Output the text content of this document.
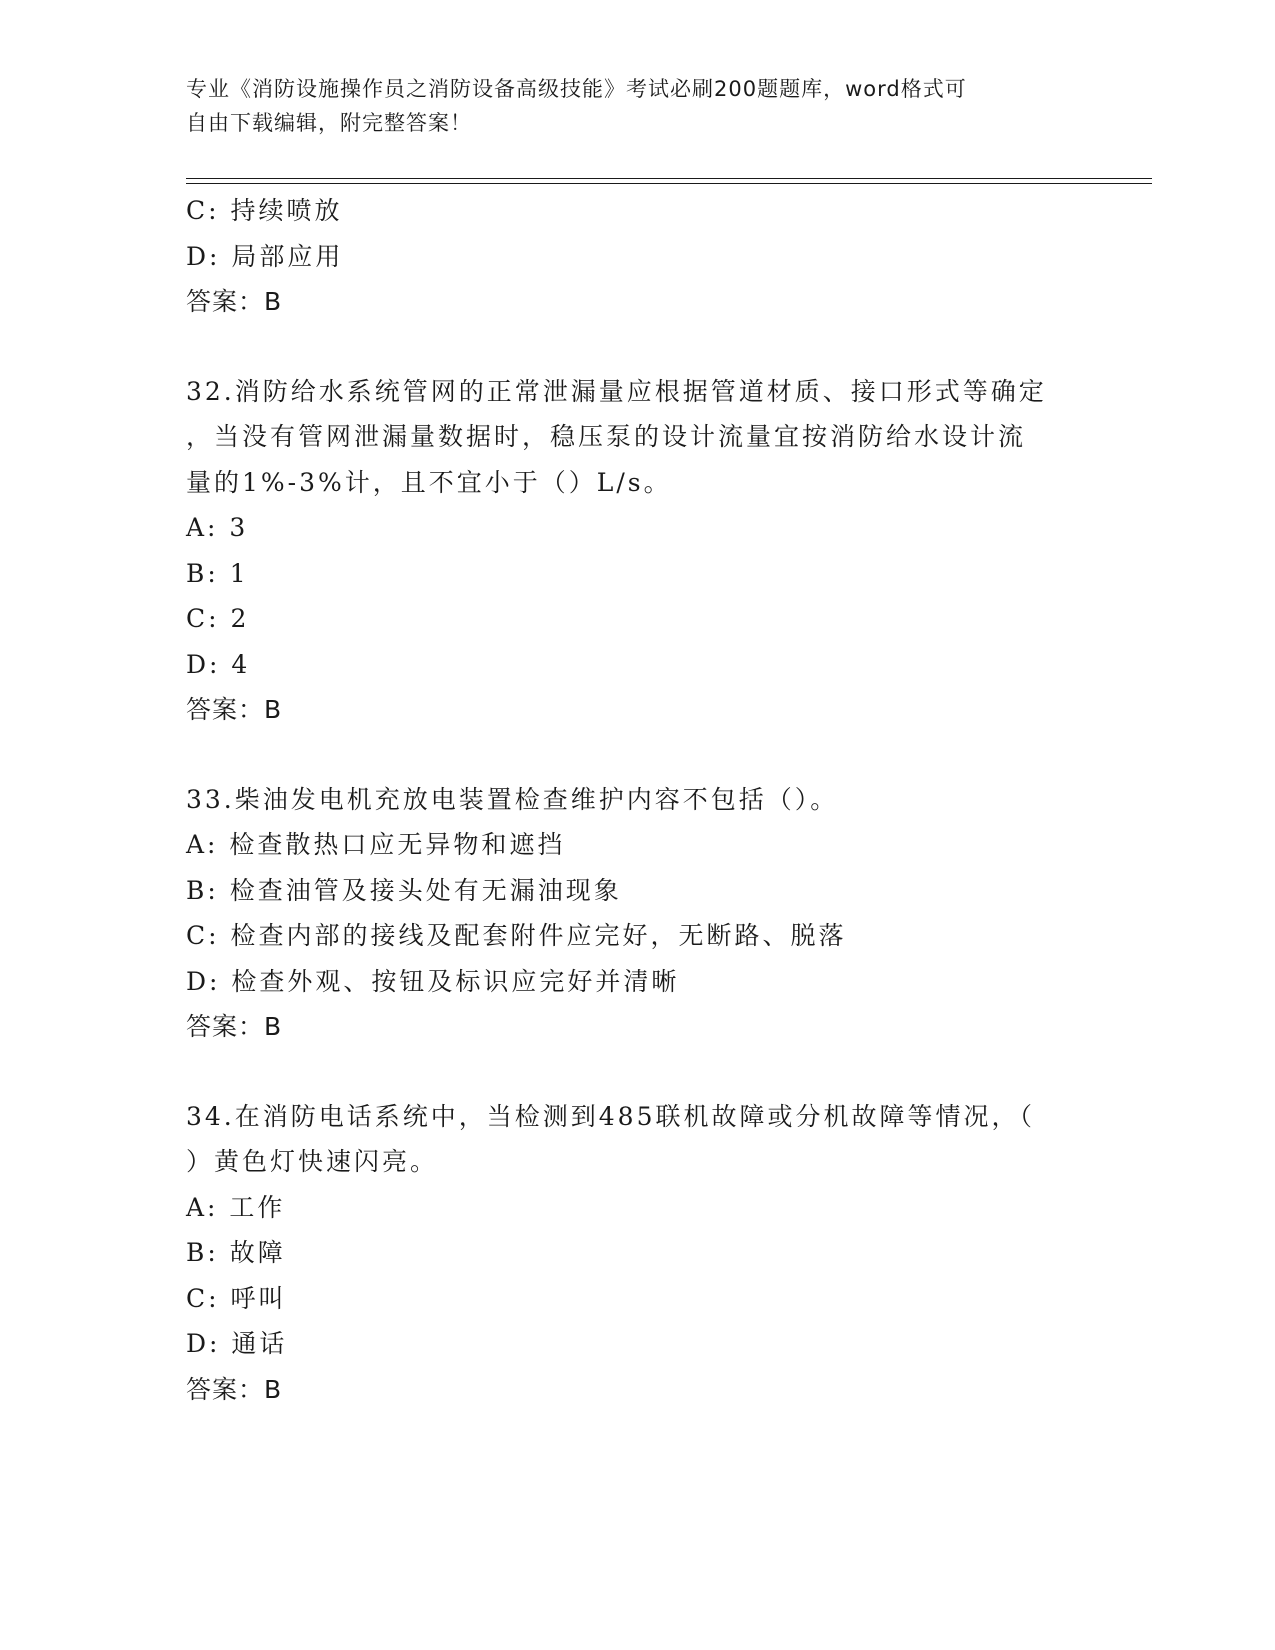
专业《消防设施操作员之消防设备高级技能》考试必刷200题题库，word格式可
自由下载编辑，附完整答案！
C: 持续喷放
D: 局部应用
答案：B
32.消防给水系统管网的正常泄漏量应根据管道材质、接口形式等确定
，当没有管网泄漏量数据时，稳压泵的设计流量宜按消防给水设计流
量的1%-3%计，且不宜小于（）L/s。
A: 3
B: 1
C: 2
D: 4
答案：B
33.柴油发电机充放电装置检查维护内容不包括（）。
A: 检查散热口应无异物和遮挡
B: 检查油管及接头处有无漏油现象
C: 检查内部的接线及配套附件应完好，无断路、脱落
D: 检查外观、按钮及标识应完好并清晰
答案：B
34.在消防电话系统中，当检测到485联机故障或分机故障等情况，（
）黄色灯快速闪亮。
A: 工作
B: 故障
C: 呼叫
D: 通话
答案：B
